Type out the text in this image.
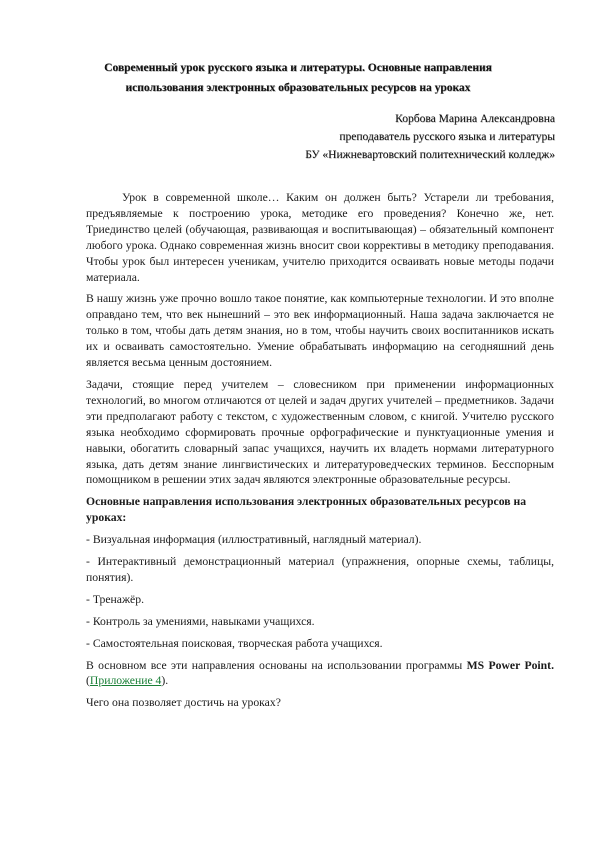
Современный урок русского языка и литературы. Основные направления
использования электронных образовательных ресурсов на уроках
Корбова Марина Александровна
преподаватель русского языка и литературы
БУ «Нижневартовский политехнический колледж»

Урок в современной школе… Каким он должен быть? Устарели ли требования, предъявляемые к построению урока, методике его проведения? Конечно же, нет. Триединство целей (обучающая, развивающая и воспитывающая) – обязательный компонент любого урока. Однако современная жизнь вносит свои коррективы в методику преподавания. Чтобы урок был интересен ученикам, учителю приходится осваивать новые методы подачи материала.

В нашу жизнь уже прочно вошло такое понятие, как компьютерные технологии. И это вполне оправдано тем, что век нынешний – это век информационный. Наша задача заключается не только в том, чтобы дать детям знания, но в том, чтобы научить своих воспитанников искать их и осваивать самостоятельно. Умение обрабатывать информацию на сегодняшний день является весьма ценным достоянием.

Задачи, стоящие перед учителем – словесником при применении информационных технологий, во многом отличаются от целей и задач других учителей – предметников. Задачи эти предполагают работу с текстом, с художественным словом, с книгой. Учителю русского языка необходимо сформировать прочные орфографические и пунктуационные умения и навыки, обогатить словарный запас учащихся, научить их владеть нормами литературного языка, дать детям знание лингвистических и литературоведческих терминов. Бесспорным помощником в решении этих задач являются электронные образовательные ресурсы.

Основные направления использования электронных образовательных ресурсов на уроках:

- Визуальная информация (иллюстративный, наглядный материал).

- Интерактивный демонстрационный материал (упражнения, опорные схемы, таблицы, понятия).

- Тренажёр.

- Контроль за умениями, навыками учащихся.

- Самостоятельная поисковая, творческая работа учащихся.

В основном все эти направления основаны на использовании программы MS Power Point. (Приложение 4).

Чего она позволяет достичь на уроках?
